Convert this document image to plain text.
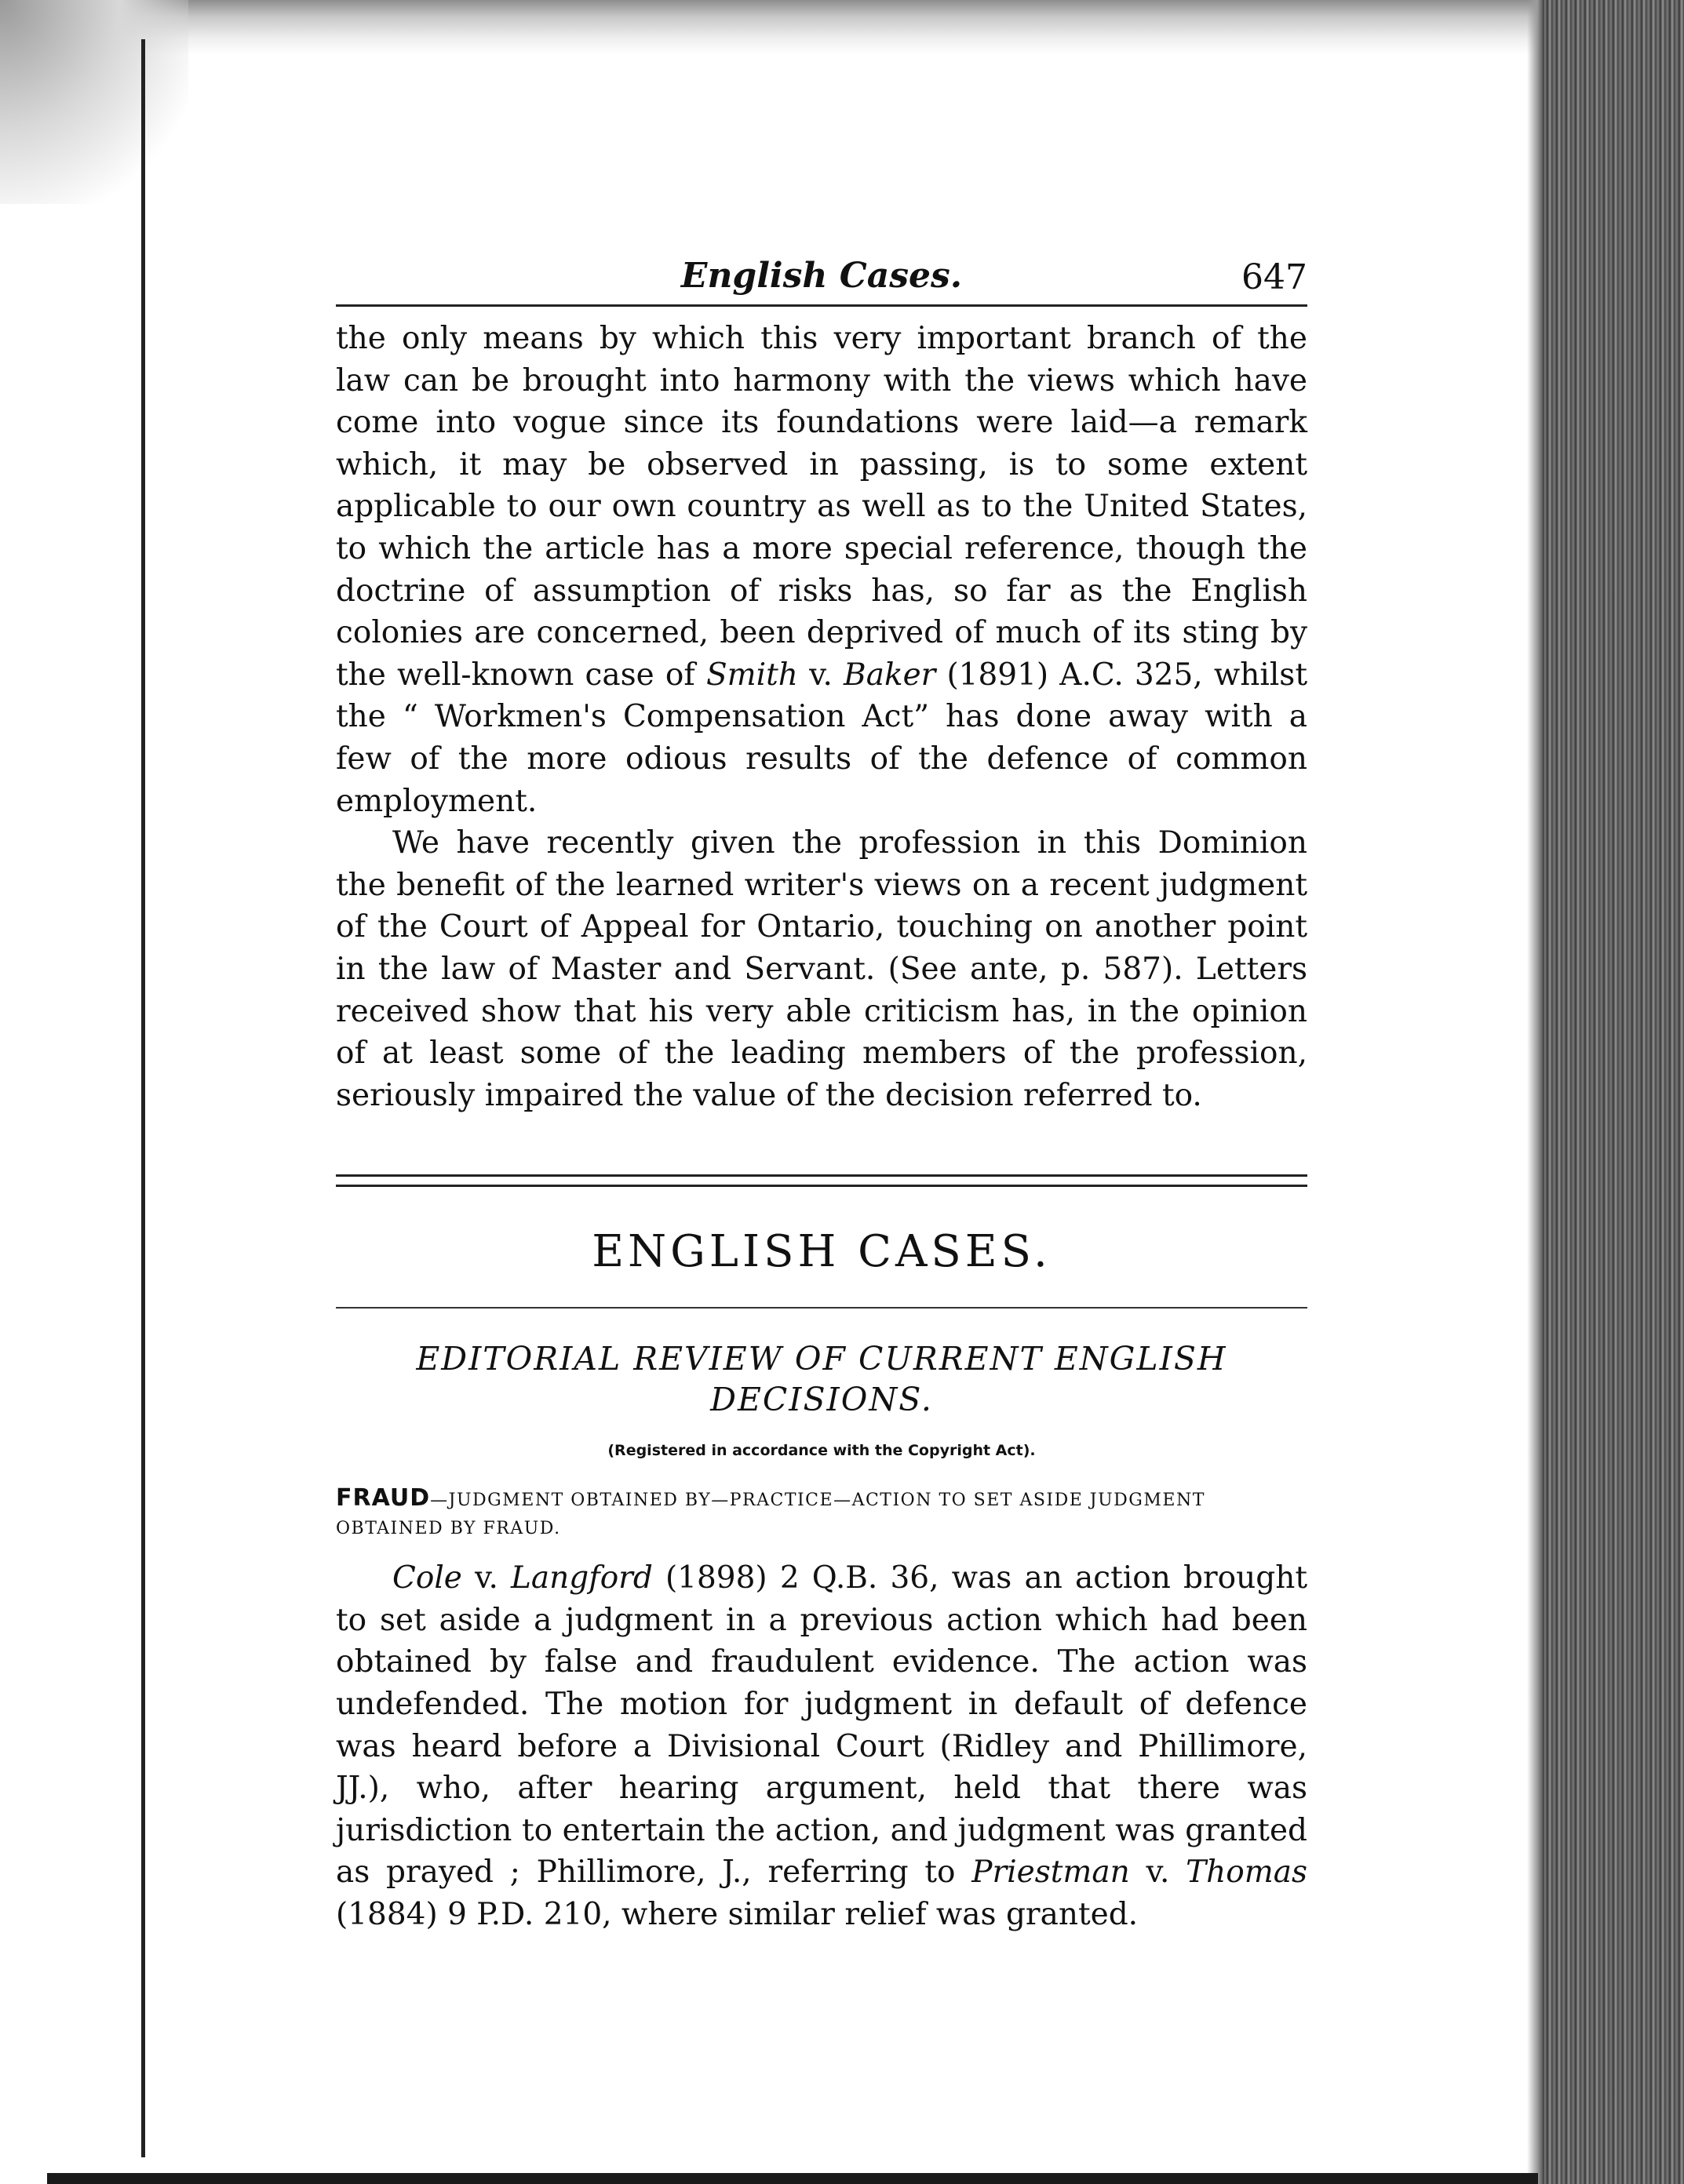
English Cases.	647

the only means by which this very important branch of the law can be brought into harmony with the views which have come into vogue since its foundations were laid—a remark which, it may be observed in passing, is to some extent applicable to our own country as well as to the United States, to which the article has a more special reference, though the doctrine of assumption of risks has, so far as the English colonies are concerned, been deprived of much of its sting by the well-known case of Smith v. Baker (1891) A.C. 325, whilst the “ Workmen's Compensation Act” has done away with a few of the more odious results of the defence of common employment.

We have recently given the profession in this Dominion the benefit of the learned writer's views on a recent judgment of the Court of Appeal for Ontario, touching on another point in the law of Master and Servant. (See ante, p. 587). Letters received show that his very able criticism has, in the opinion of at least some of the leading members of the profession, seriously impaired the value of the decision referred to.

ENGLISH CASES.
EDITORIAL REVIEW OF CURRENT ENGLISH DECISIONS.
(Registered in accordance with the Copyright Act).
FRAUD—JUDGMENT OBTAINED BY—PRACTICE—ACTION TO SET ASIDE JUDGMENT OBTAINED BY FRAUD.

Cole v. Langford (1898) 2 Q.B. 36, was an action brought to set aside a judgment in a previous action which had been obtained by false and fraudulent evidence. The action was undefended. The motion for judgment in default of defence was heard before a Divisional Court (Ridley and Phillimore, JJ.), who, after hearing argument, held that there was jurisdiction to entertain the action, and judgment was granted as prayed ; Phillimore, J., referring to Priestman v. Thomas (1884) 9 P.D. 210, where similar relief was granted.
